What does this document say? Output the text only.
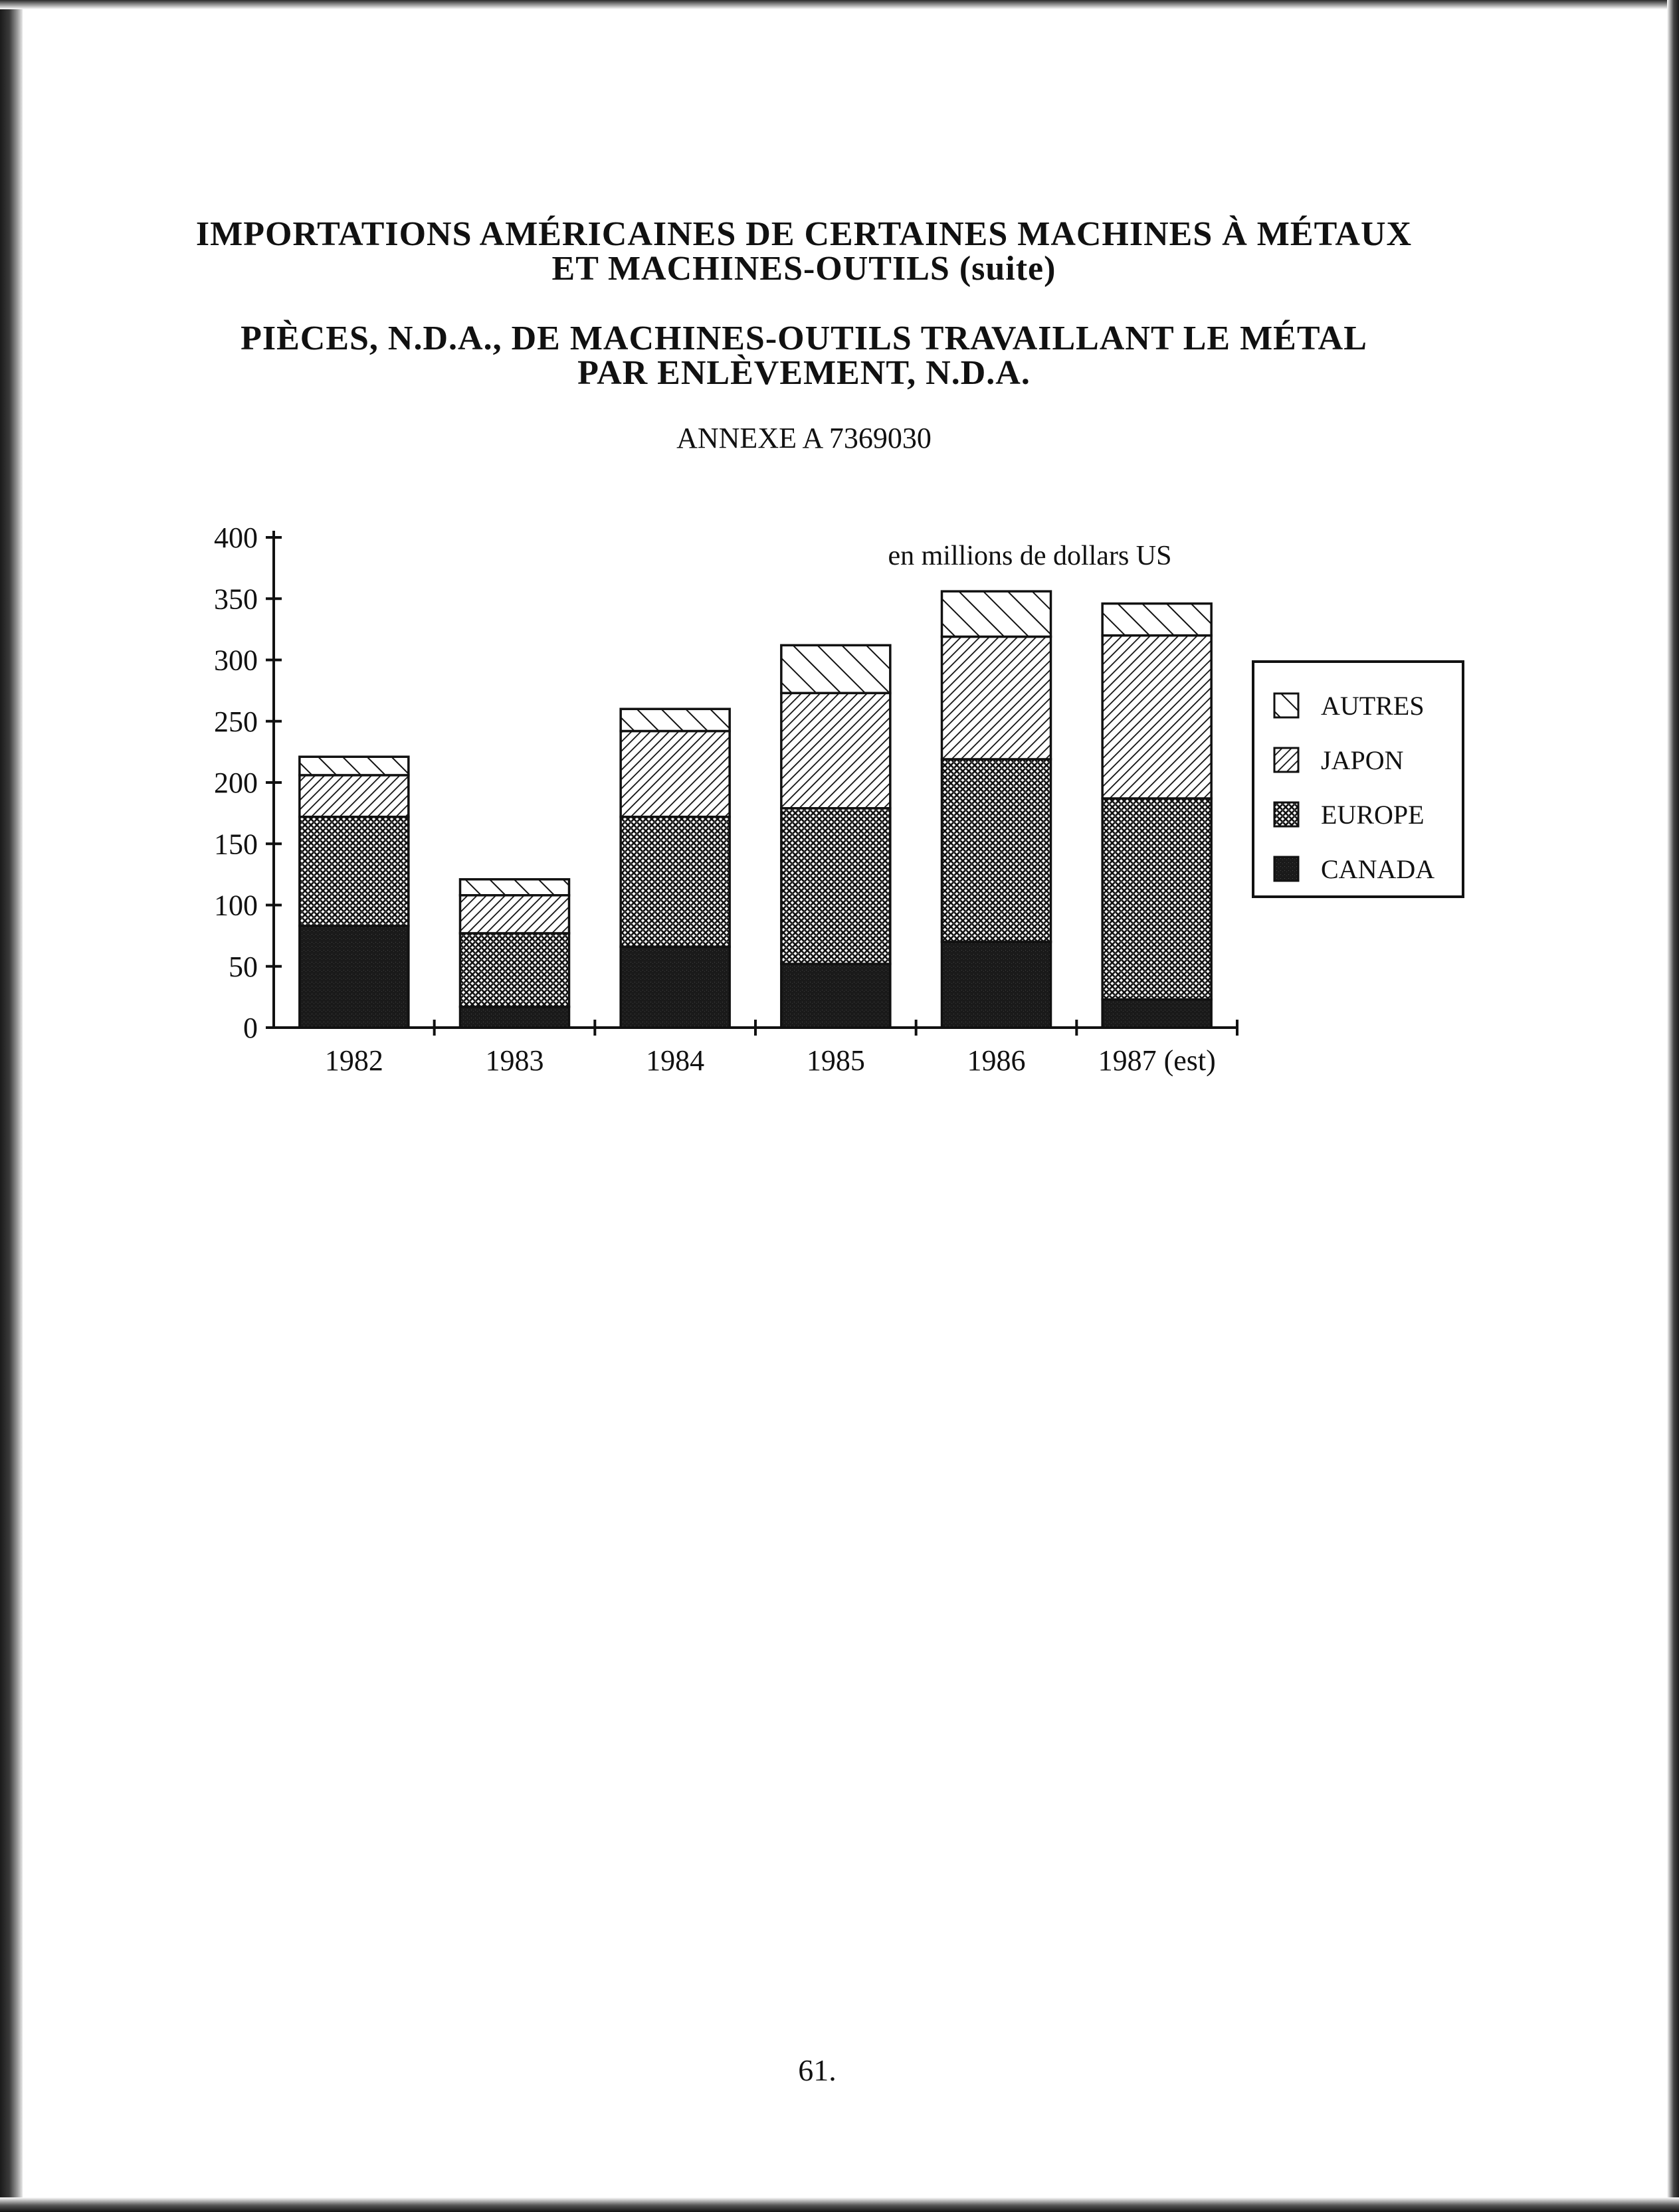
IMPORTATIONS AMÉRICAINES DE CERTAINES MACHINES À MÉTAUX
ET MACHINES-OUTILS (suite)
PIÈCES, N.D.A., DE MACHINES-OUTILS TRAVAILLANT LE MÉTAL
PAR ENLÈVEMENT, N.D.A.
ANNEXE A 7369030
1982	1983	1984	1985	1986 1987 (est)
0
50
100
150
200
250
300
350
400
en millions de dollars US
AUTRES
JAPON
EUROPE
CANADA
61.
